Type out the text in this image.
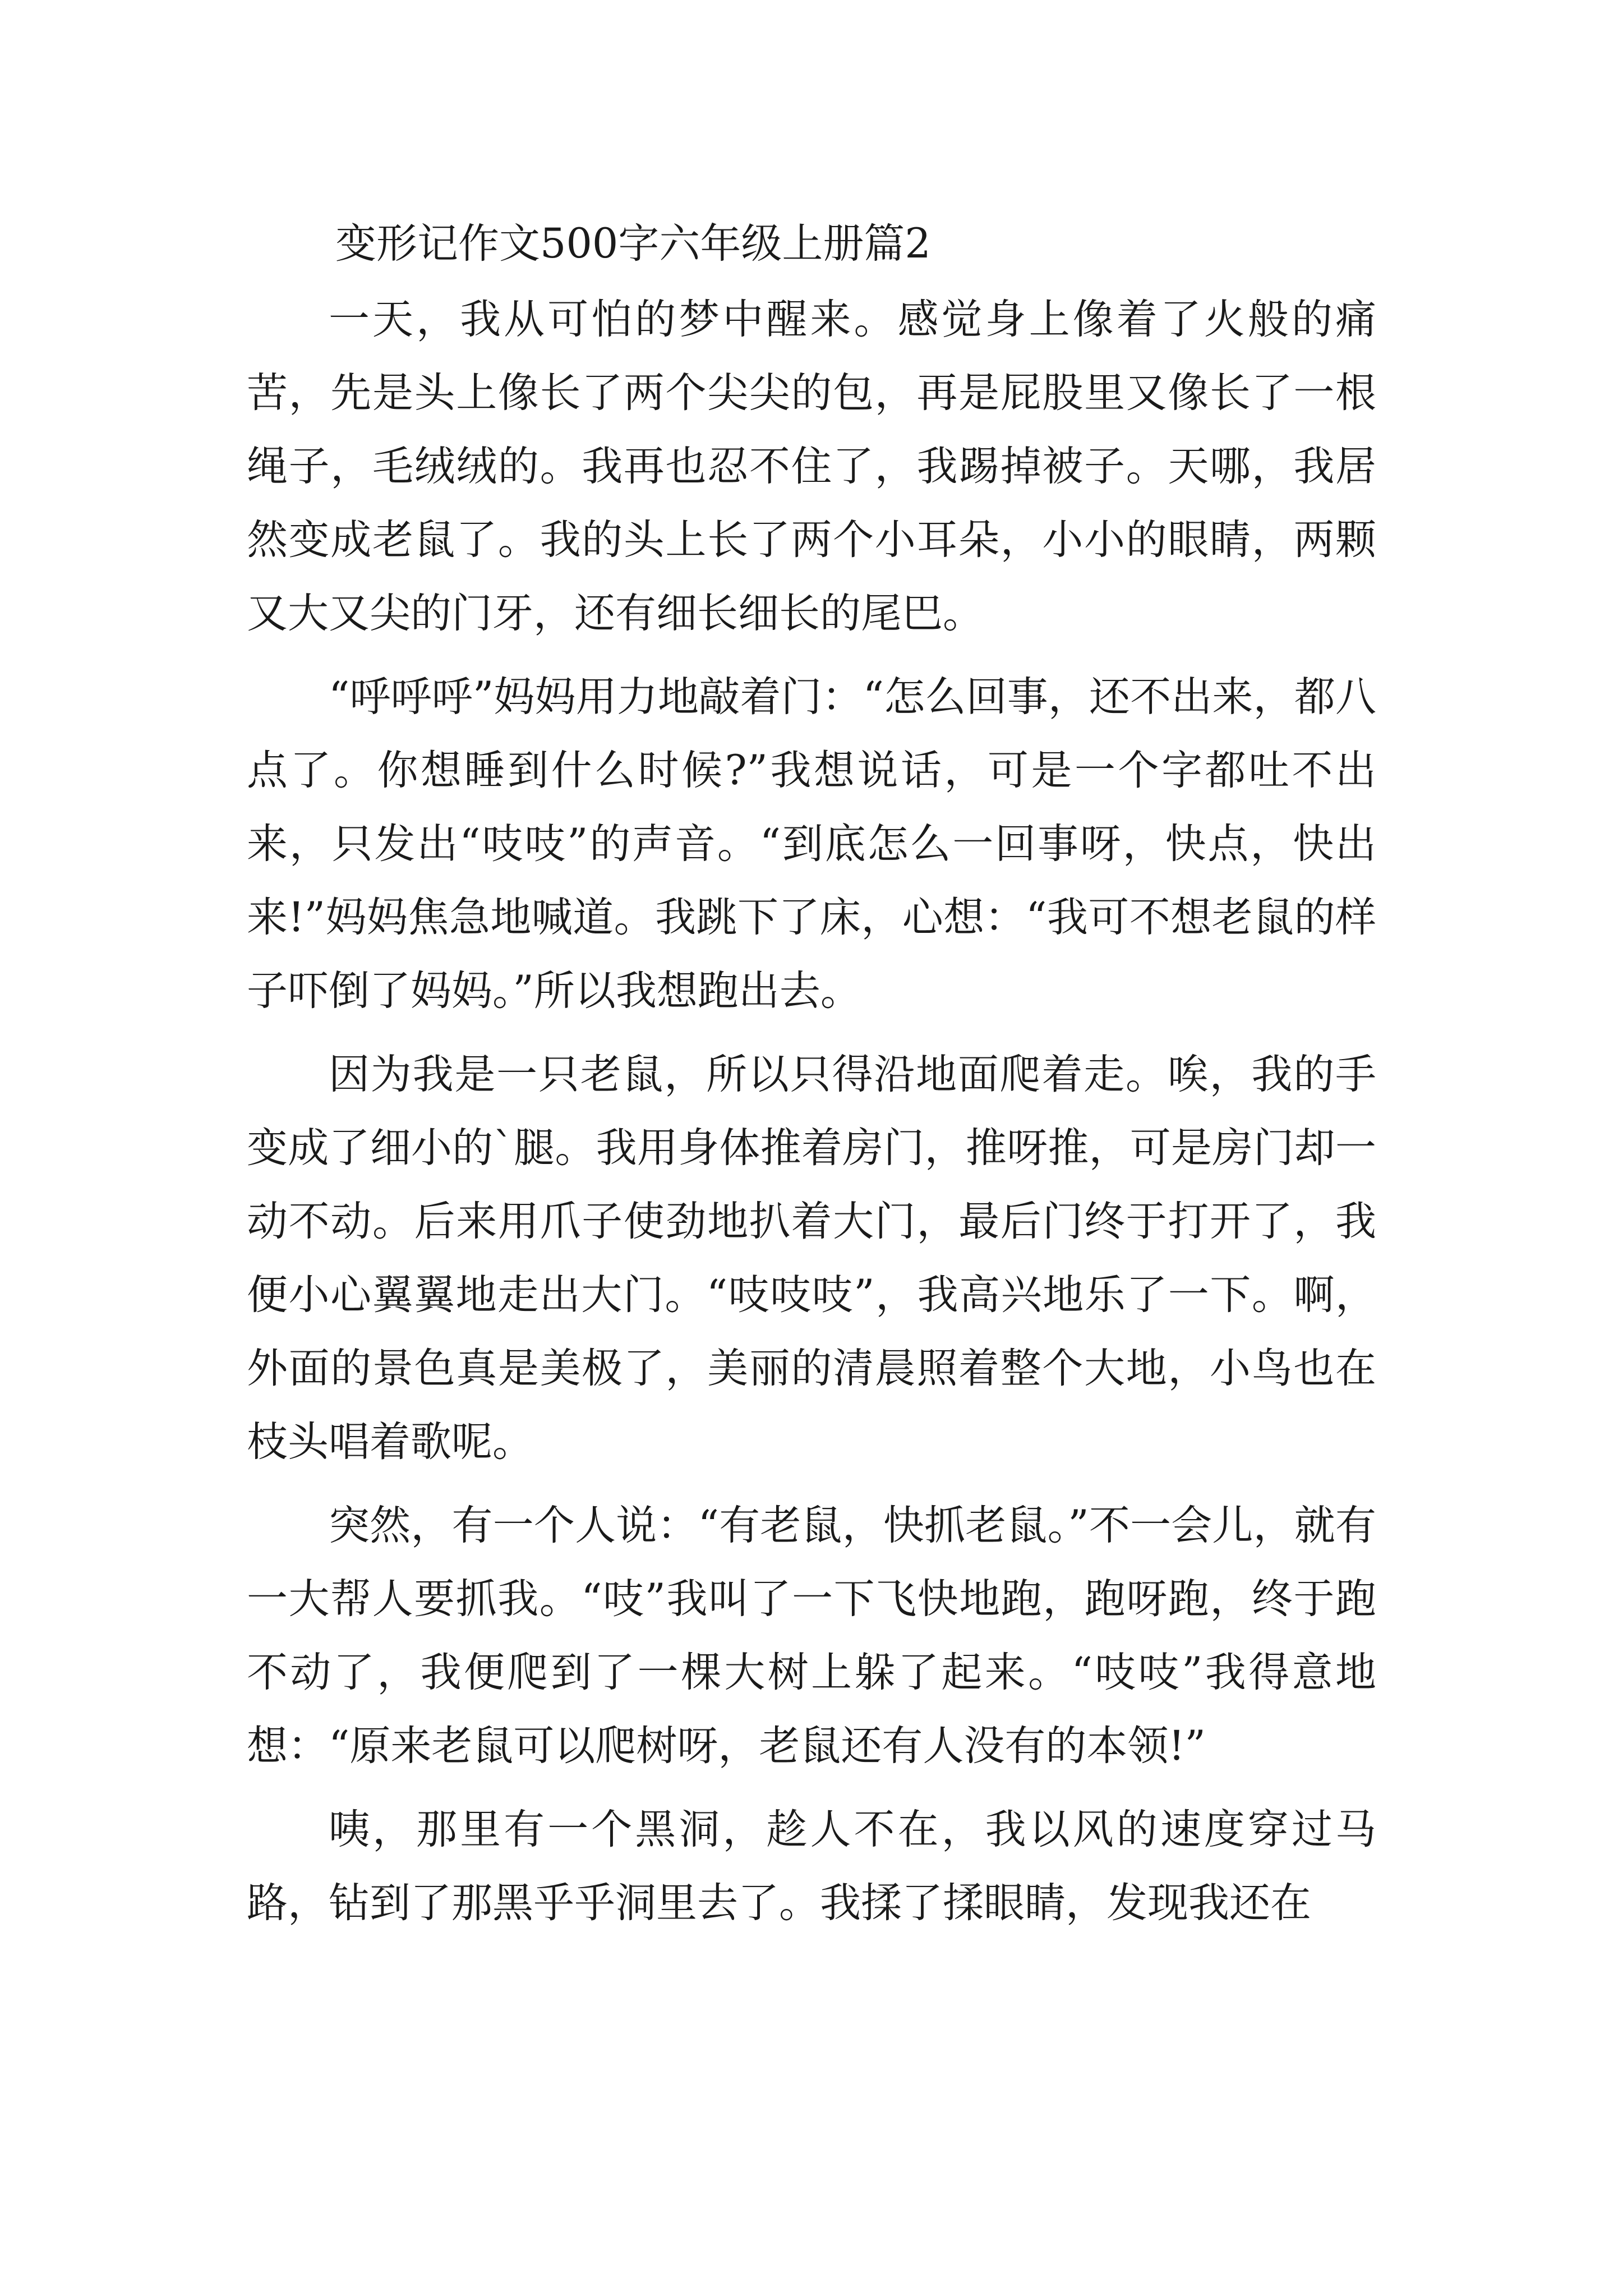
变形记作文500字六年级上册篇2

一天，我从可怕的梦中醒来。感觉身上像着了火般的痛苦，先是头上像长了两个尖尖的包，再是屁股里又像长了一根绳子，毛绒绒的。我再也忍不住了，我踢掉被子。天哪，我居然变成老鼠了。我的头上长了两个小耳朵，小小的眼睛，两颗又大又尖的门牙，还有细长细长的尾巴。

“呼呼呼”妈妈用力地敲着门：“怎么回事，还不出来，都八点了。你想睡到什么时候?”我想说话，可是一个字都吐不出来，只发出“吱吱”的声音。“到底怎么一回事呀，快点，快出来!”妈妈焦急地喊道。我跳下了床，心想：“我可不想老鼠的样子吓倒了妈妈。”所以我想跑出去。

因为我是一只老鼠，所以只得沿地面爬着走。唉，我的手变成了细小的`腿。我用身体推着房门，推呀推，可是房门却一动不动。后来用爪子使劲地扒着大门，最后门终于打开了，我便小心翼翼地走出大门。“吱吱吱”，我高兴地乐了一下。啊，外面的景色真是美极了，美丽的清晨照着整个大地，小鸟也在枝头唱着歌呢。

突然，有一个人说：“有老鼠，快抓老鼠。”不一会儿，就有一大帮人要抓我。“吱”我叫了一下飞快地跑，跑呀跑，终于跑不动了，我便爬到了一棵大树上躲了起来。“吱吱”我得意地想：“原来老鼠可以爬树呀，老鼠还有人没有的本领!”

咦，那里有一个黑洞，趁人不在，我以风的速度穿过马路，钻到了那黑乎乎洞里去了。我揉了揉眼睛，发现我还在
